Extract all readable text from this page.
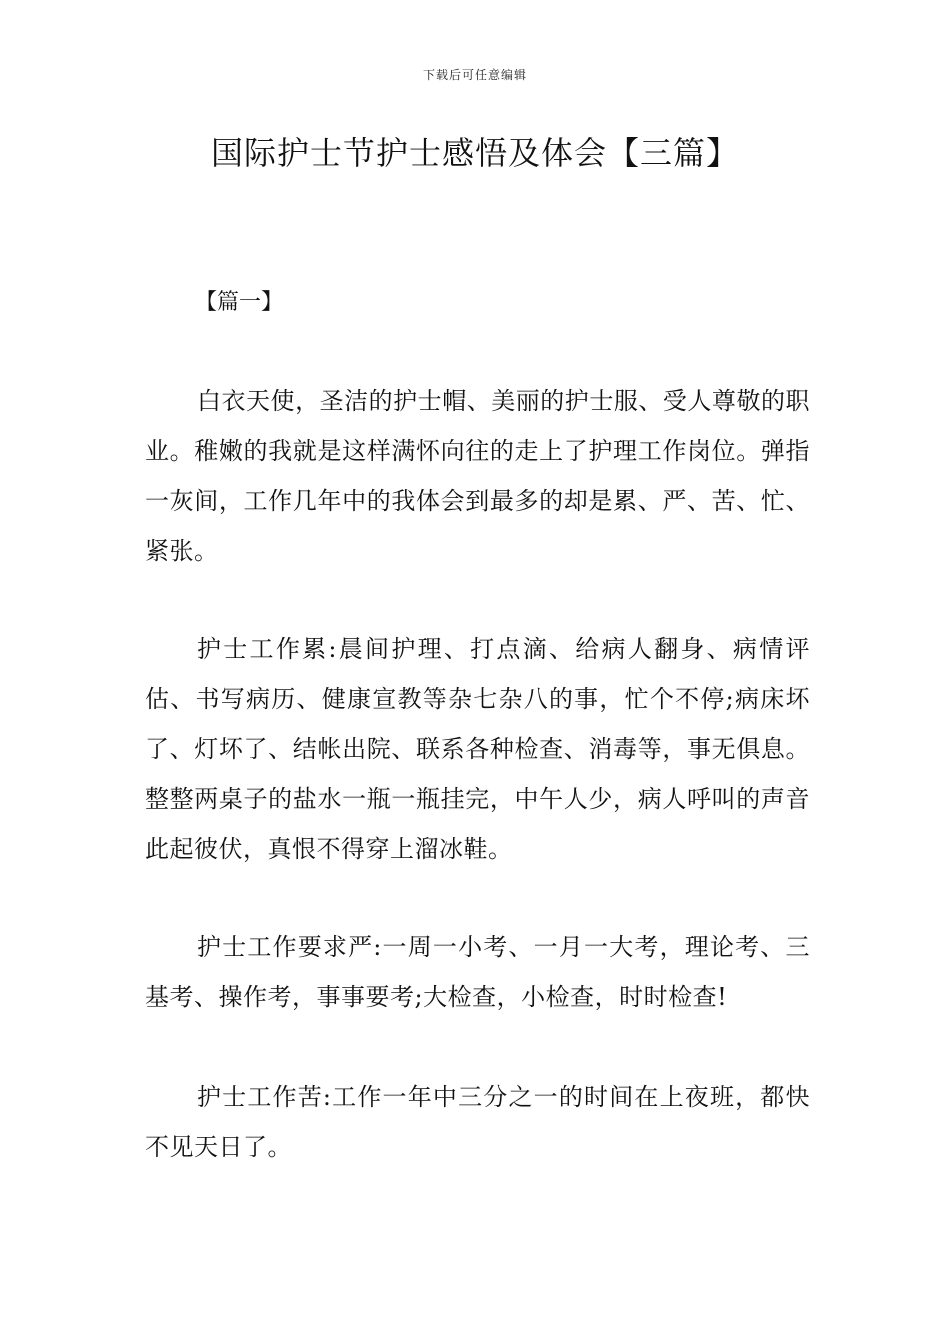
下载后可任意编辑
国际护士节护士感悟及体会【三篇】
【篇一】

白衣天使，圣洁的护士帽、美丽的护士服、受人尊敬的职业。稚嫩的我就是这样满怀向往的走上了护理工作岗位。弹指一灰间，工作几年中的我体会到最多的却是累、严、苦、忙、紧张。

护士工作累:晨间护理、打点滴、给病人翻身、病情评估、书写病历、健康宣教等杂七杂八的事，忙个不停;病床坏了、灯坏了、结帐出院、联系各种检查、消毒等，事无俱息。整整两桌子的盐水一瓶一瓶挂完，中午人少，病人呼叫的声音此起彼伏，真恨不得穿上溜冰鞋。

护士工作要求严:一周一小考、一月一大考，理论考、三基考、操作考，事事要考;大检查，小检查，时时检查!

护士工作苦:工作一年中三分之一的时间在上夜班，都快不见天日了。
